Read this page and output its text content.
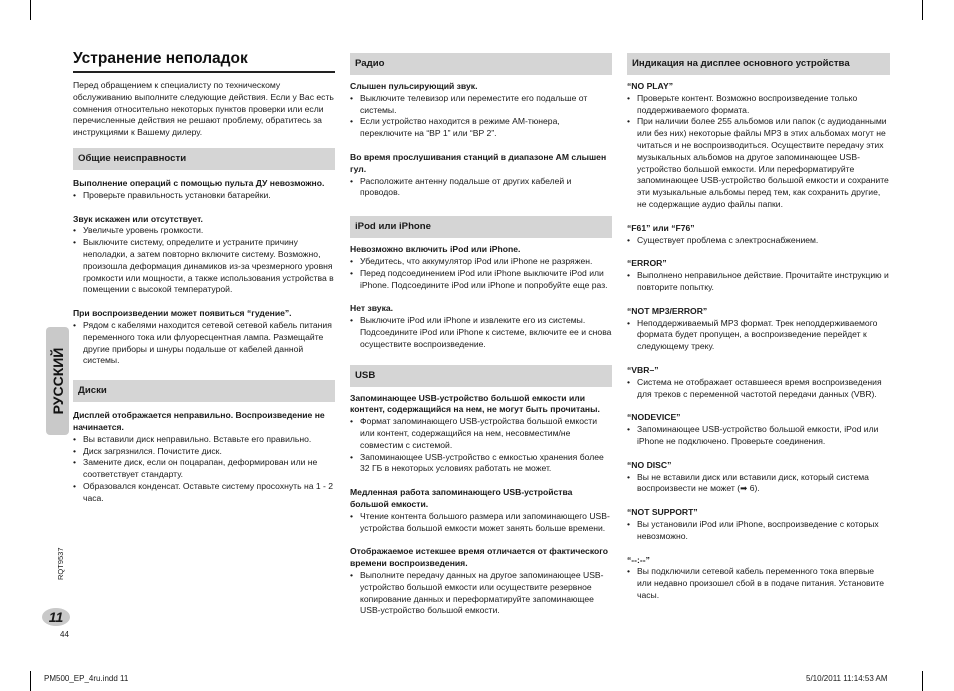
Устранение неполадок

Перед обращением к специалисту по техническому обслуживанию выполните следующие действия. Если у Вас есть сомнения относительно некоторых пунктов проверки или если перечисленные действия не решают проблему, обратитесь за инструкциями к Вашему дилеру.

Общие неисправности

Выполнение операций с помощью пульта ДУ невозможно.

• Проверьте правильность установки батарейки.

Звук искажен или отсутствует.

• Увеличьте уровень громкости.
• Выключите систему, определите и устраните причину неполадки, а затем повторно включите систему. Возможно, произошла деформация динамиков из-за чрезмерного уровня громкости или мощности, а также использования устройства в помещении с высокой температурой.

При воспроизведении может появиться “гудение”.

• Рядом с кабелями находится сетевой сетевой кабель питания переменного тока или флуоресцентная лампа. Размещайте другие приборы и шнуры подальше от кабелей данной системы.
Диски

Дисплей отображается неправильно. Воспроизведение не начинается.

• Вы вставили диск неправильно. Вставьте его правильно.
• Диск загрязнился. Почистите диск.
• Замените диск, если он поцарапан, деформирован или не соответствует стандарту.
• Образовался конденсат. Оставьте систему просохнуть на 1 - 2 часа.
Радио

Слышен пульсирующий звук.

• Выключите телевизор или переместите его подальше от системы.
• Если устройство находится в режиме AM-тюнера, переключите на “BP 1” или “BP 2”.

Во время прослушивания станций в диапазоне AM слышен гул.

• Расположите антенну подальше от других кабелей и проводов.
iPod или iPhone

Невозможно включить iPod или iPhone.

• Убедитесь, что аккумулятор iPod или iPhone не разряжен.
• Перед подсоединением iPod или iPhone выключите iPod или iPhone. Подсоедините iPod или iPhone и попробуйте еще раз.

Нет звука.

• Выключите iPod или iPhone и извлеките его из системы. Подсоедините iPod или iPhone к системе, включите ее и снова осуществите воспроизведение.
USB

Запоминающее USB-устройство большой емкости или контент, содержащийся на нем, не могут быть прочитаны.

• Формат запоминающего USB-устройства большой емкости или контент, содержащийся на нем, несовместим/не совместим с системой.
• Запоминающее USB-устройство с емкостью хранения более 32 ГБ в некоторых условиях работать не может.

Медленная работа запоминающего USB-устройства большой емкости.

• Чтение контента большого размера или запоминающего USB-устройства большой емкости может занять больше времени.

Отображаемое истекшее время отличается от фактического времени воспроизведения.

• Выполните передачу данных на другое запоминающее USB-устройство большой емкости или осуществите резервное копирование данных и переформатируйте запоминающее USB-устройство большой емкости.
Индикация на дисплее основного устройства

“NO PLAY”

• Проверьте контент. Возможно воспроизведение только поддерживаемого формата.
• При наличии более 255 альбомов или папок (с аудиоданными или без них) некоторые файлы MP3 в этих альбомах могут не читаться и не воспроизводиться. Осуществите передачу этих музыкальных альбомов на другое запоминающее USB-устройство большой емкости. Или переформатируйте запоминающее USB-устройство большой емкости и сохраните эти музыкальные альбомы перед тем, как сохранить другие, не содержащие аудио файлы папки.

“F61” или “F76”

• Существует проблема с электроснабжением.

“ERROR”

• Выполнено неправильное действие. Прочитайте инструкцию и повторите попытку.

“NOT MP3/ERROR”

• Неподдерживаемый MP3 формат. Трек неподдерживаемого формата будет пропущен, а воспроизведение перейдет к следующему треку.

“VBR–”

• Система не отображает оставшееся время воспроизведения для треков с переменной частотой передачи данных (VBR).

“NODEVICE”

• Запоминающее USB-устройство большой емкости, iPod или iPhone не подключено. Проверьте соединения.

“NO DISC”

• Вы не вставили диск или вставили диск, который система воспроизвести не может (➡ 6).

“NOT SUPPORT”

• Вы установили iPod или iPhone, воспроизведение с которых невозможно.

“--:--”

• Вы подключили сетевой кабель переменного тока впервые или недавно произошел сбой в в подаче питания. Установите часы.
РУССКИЙ
RQT9537
11
44
PM500_EP_4ru.indd 11	5/10/2011 11:14:53 AM
